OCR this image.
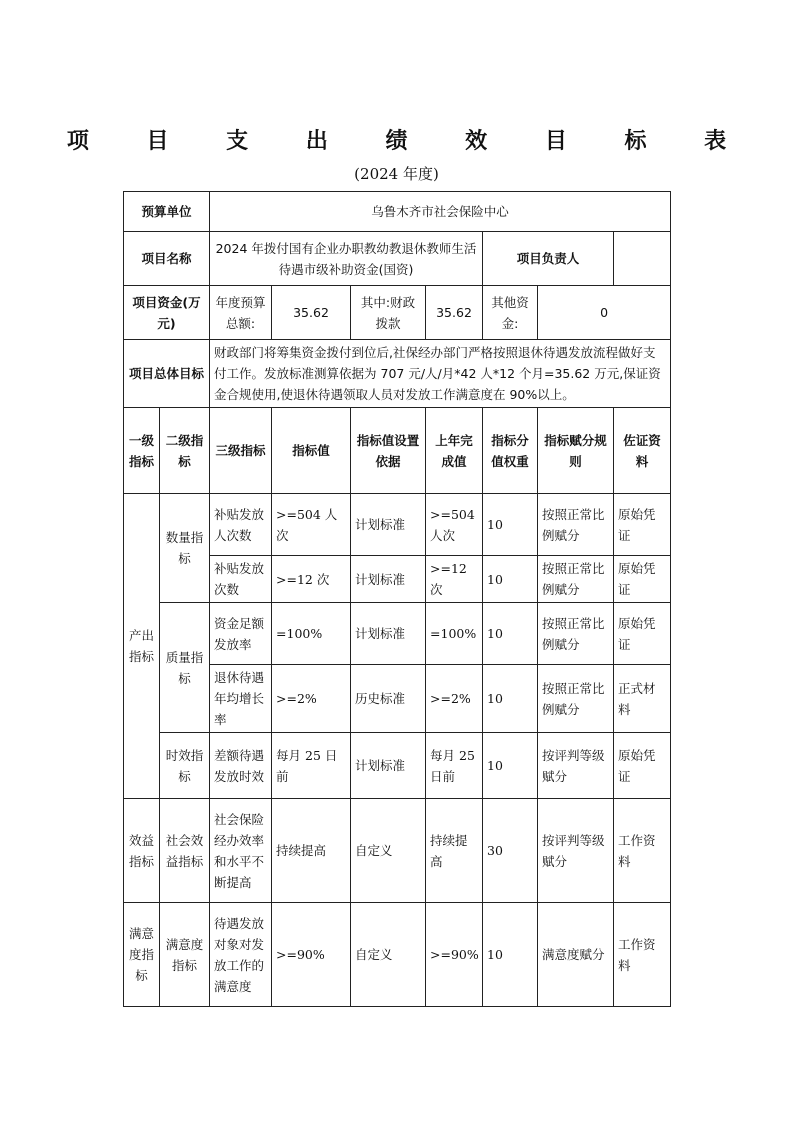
项 目 支 出 绩 效 目 标 表
(2024 年度)
预算单位		乌鲁木齐市社会保险中心						
项目名称		2024 年拨付国有企业办职教幼教退休教师生活待遇市级补助资金(国资)				项目负责人		
项目资金(万元)		年度预算总额:	35.62	其中:财政拨款	35.62	其他资金:	0	
项目总体目标		财政部门将筹集资金拨付到位后,社保经办部门严格按照退休待遇发放流程做好支付工作。发放标准测算依据为 707 元/人/月*42 人*12 个月=35.62 万元,保证资金合规使用,使退休待遇领取人员对发放工作满意度在 90%以上。						
一级指标	二级指标	三级指标	指标值	指标值设置依据	上年完成值	指标分值权重	指标赋分规则	佐证资料
产出指标	数量指标	补贴发放人次数	>=504 人次	计划标准	>=504 人次	10	按照正常比例赋分	原始凭证
		补贴发放次数	>=12 次	计划标准	>=12 次	10	按照正常比例赋分	原始凭证
	质量指标	资金足额发放率	=100%	计划标准	=100%	10	按照正常比例赋分	原始凭证
		退休待遇年均增长率	>=2%	历史标准	>=2%	10	按照正常比例赋分	正式材料
	时效指标	差额待遇发放时效	每月 25 日前	计划标准	每月 25 日前	10	按评判等级赋分	原始凭证
效益指标	社会效益指标	社会保险经办效率和水平不断提高	持续提高	自定义	持续提高	30	按评判等级赋分	工作资料
满意度指标	满意度指标	待遇发放对象对发放工作的满意度	>=90%	自定义	>=90%	10	满意度赋分	工作资料
